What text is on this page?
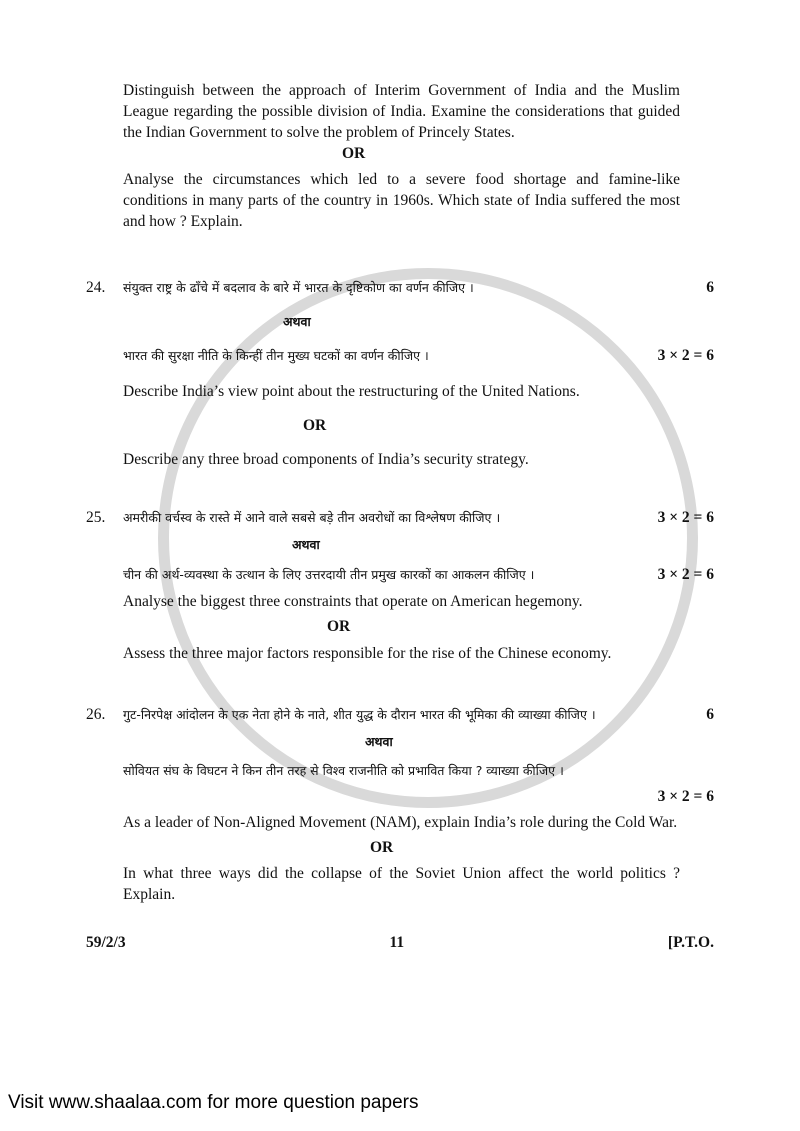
Distinguish between the approach of Interim Government of India and the Muslim League regarding the possible division of India. Examine the considerations that guided the Indian Government to solve the problem of Princely States.
OR
Analyse the circumstances which led to a severe food shortage and famine-like conditions in many parts of the country in 1960s. Which state of India suffered the most and how ? Explain.
24.	संयुक्त राष्ट्र के ढाँचे में बदलाव के बारे में भारत के दृष्टिकोण का वर्णन कीजिए ।	6
अथवा
भारत की सुरक्षा नीति के किन्हीं तीन मुख्य घटकों का वर्णन कीजिए ।	3 × 2 = 6
Describe India’s view point about the restructuring of the United Nations.
OR
Describe any three broad components of India’s security strategy.
25.	अमरीकी वर्चस्व के रास्ते में आने वाले सबसे बड़े तीन अवरोधों का विश्लेषण कीजिए ।	3 × 2 = 6
अथवा
चीन की अर्थ-व्यवस्था के उत्थान के लिए उत्तरदायी तीन प्रमुख कारकों का आकलन कीजिए ।	3 × 2 = 6
Analyse the biggest three constraints that operate on American hegemony.
OR
Assess the three major factors responsible for the rise of the Chinese economy.
26.	गुट-निरपेक्ष आंदोलन के एक नेता होने के नाते, शीत युद्ध के दौरान भारत की भूमिका की व्याख्या कीजिए ।	6
अथवा
सोवियत संघ के विघटन ने किन तीन तरह से विश्व राजनीति को प्रभावित किया ? व्याख्या कीजिए ।
3 × 2 = 6
As a leader of Non-Aligned Movement (NAM), explain India’s role during the Cold War.
OR
In what three ways did the collapse of the Soviet Union affect the world politics ? Explain.
59/2/3	11	[P.T.O.
Visit www.shaalaa.com for more question papers
